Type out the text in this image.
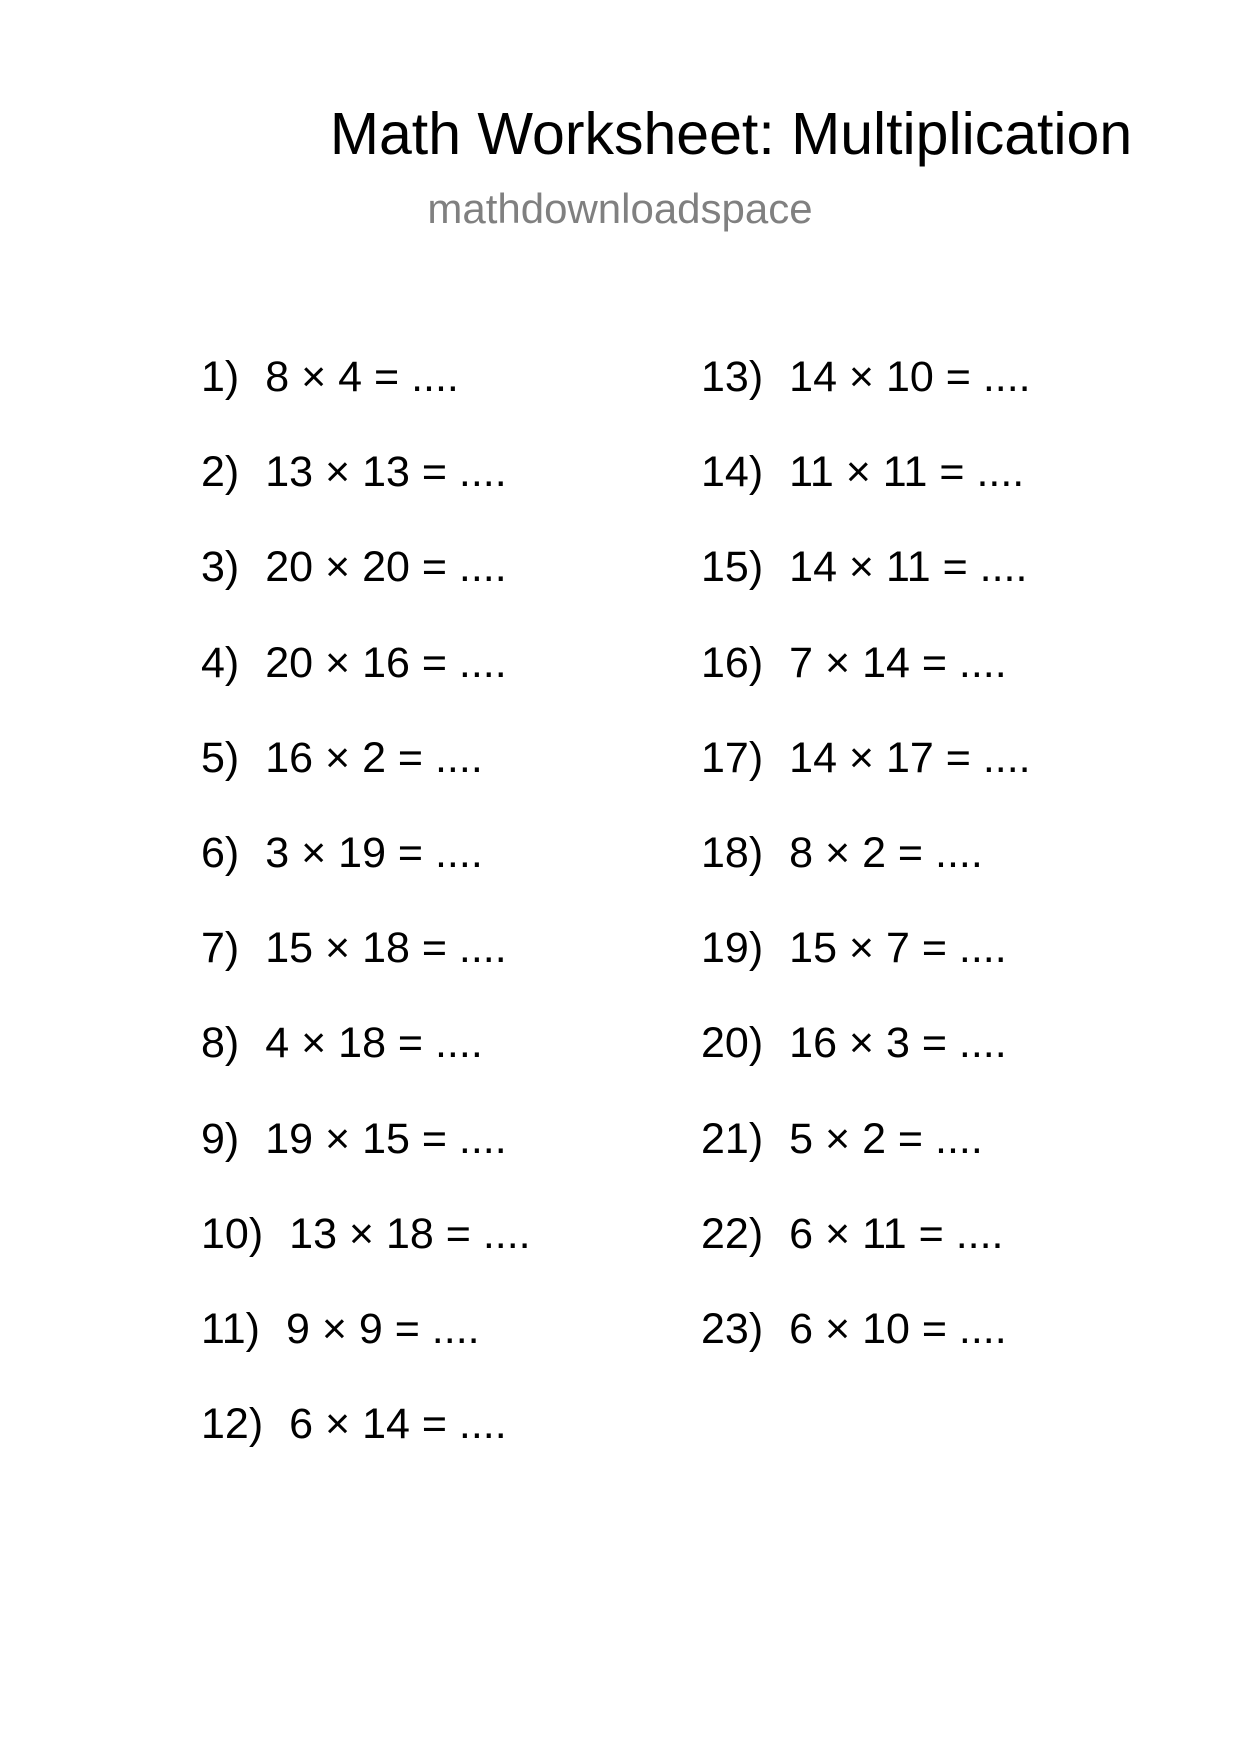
Math Worksheet: Multiplication
mathdownloadspace
1) 8 × 4 = ....
2) 13 × 13 = ....
3) 20 × 20 = ....
4) 20 × 16 = ....
5) 16 × 2 = ....
6) 3 × 19 = ....
7) 15 × 18 = ....
8) 4 × 18 = ....
9) 19 × 15 = ....
10) 13 × 18 = ....
11) 9 × 9 = ....
12) 6 × 14 = ....
13) 14 × 10 = ....
14) 11 × 11 = ....
15) 14 × 11 = ....
16) 7 × 14 = ....
17) 14 × 17 = ....
18) 8 × 2 = ....
19) 15 × 7 = ....
20) 16 × 3 = ....
21) 5 × 2 = ....
22) 6 × 11 = ....
23) 6 × 10 = ....
